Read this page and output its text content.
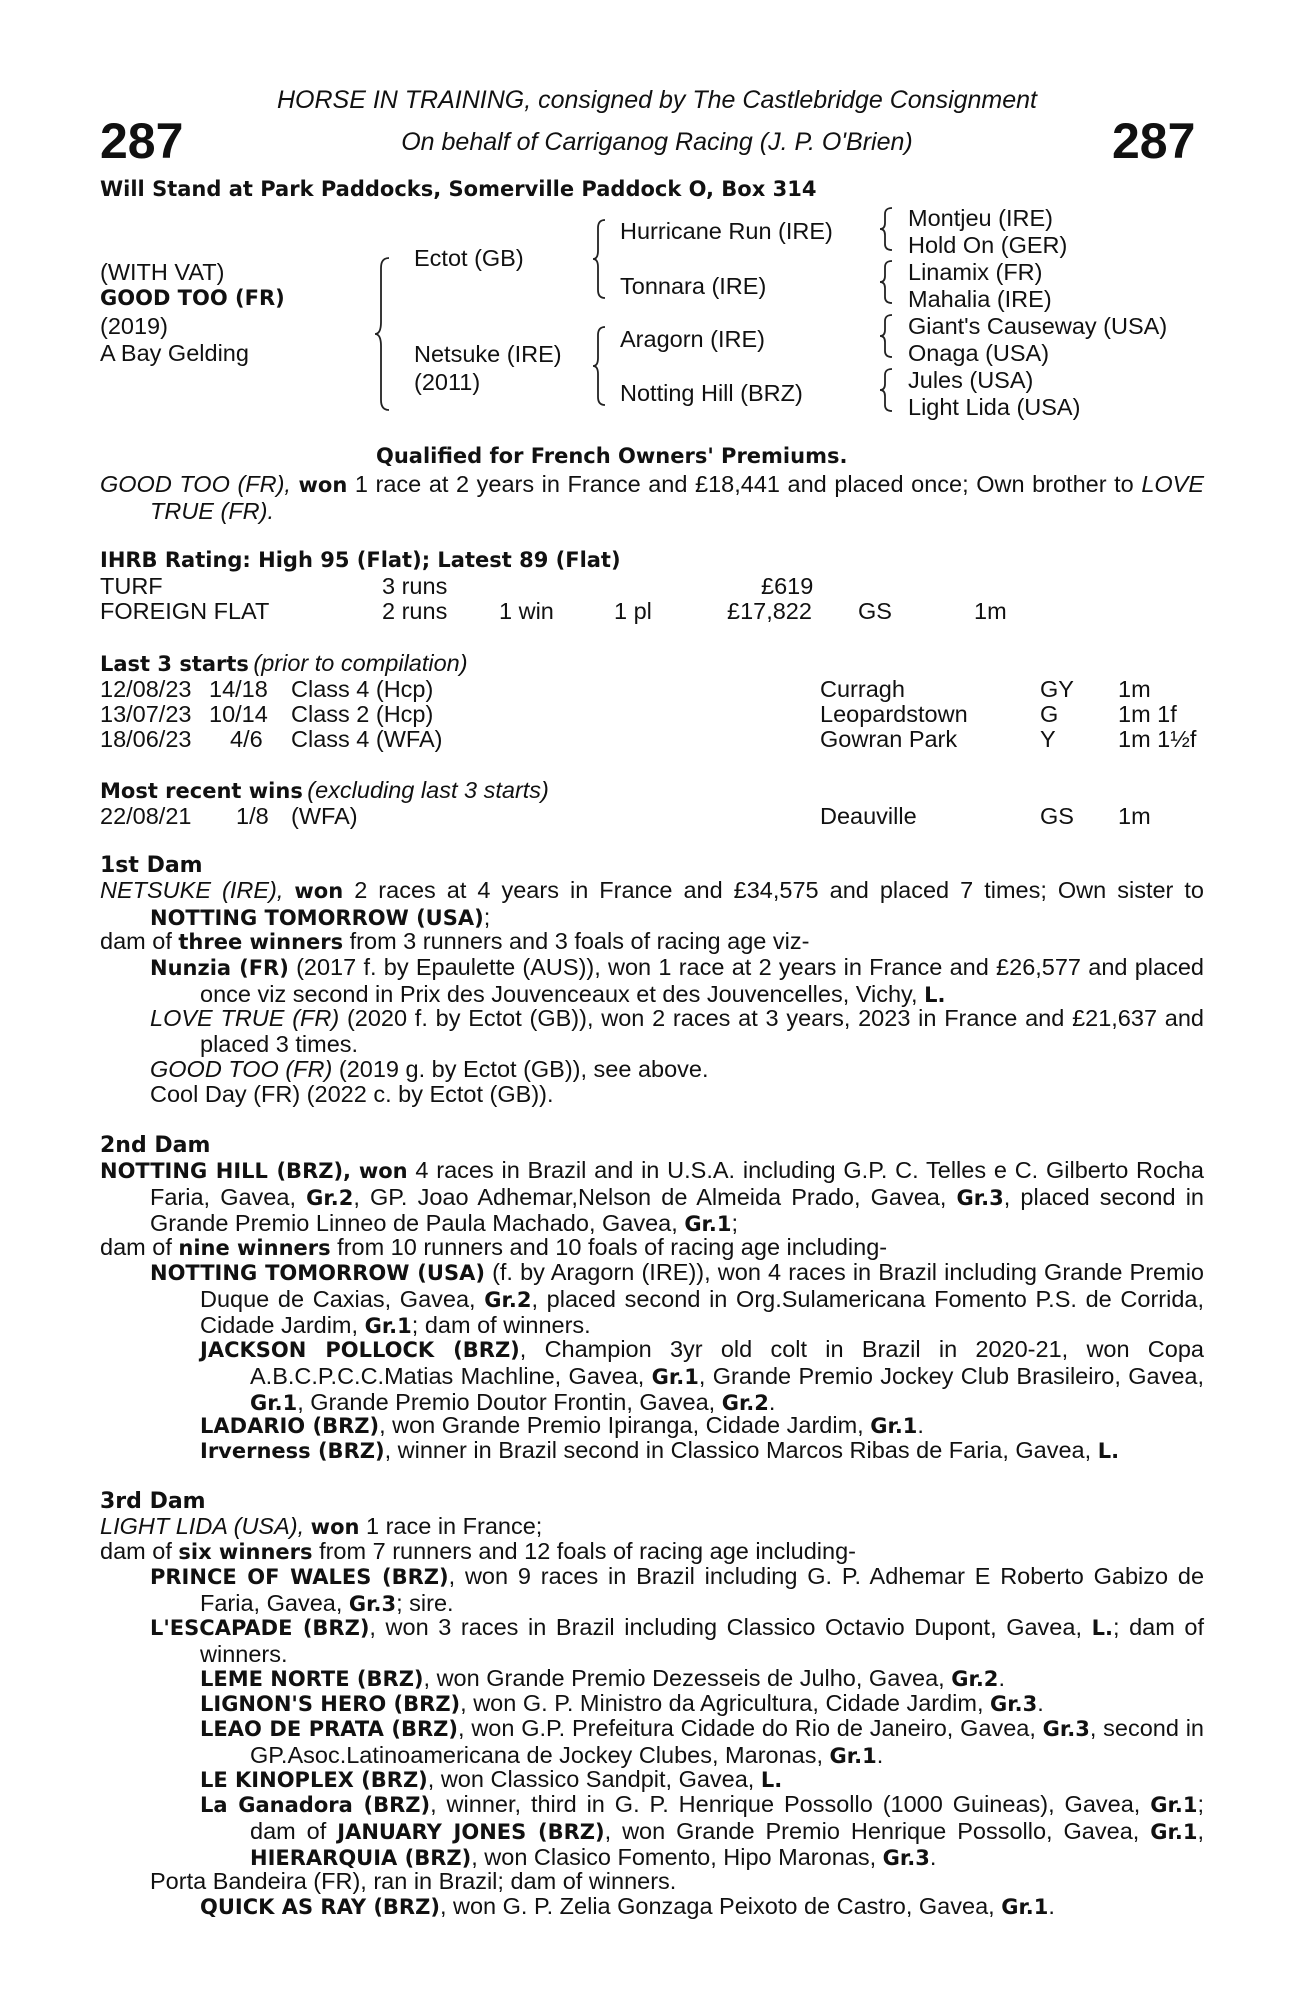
287	287
HORSE IN TRAINING, consigned by The Castlebridge Consignment
On behalf of Carriganog Racing (J. P. O'Brien)
Will Stand at Park Paddocks, Somerville Paddock O, Box 314
(WITH VAT)
GOOD TOO (FR)
(2019)
A Bay Gelding
Ectot (GB)
Netsuke (IRE)
(2011)
Hurricane Run (IRE)
Tonnara (IRE)
Aragorn (IRE)
Notting Hill (BRZ)
Montjeu (IRE)
Hold On (GER)
Linamix (FR)
Mahalia (IRE)
Giant's Causeway (USA)
Onaga (USA)
Jules (USA)
Light Lida (USA)
Qualified for French Owners' Premiums.
GOOD TOO (FR), won 1 race at 2 years in France and £18,441 and placed once; Own brother to LOVE TRUE (FR).
IHRB Rating: High 95 (Flat); Latest 89 (Flat)
TURF	3 runs	£619
FOREIGN FLAT	2 runs 1 win	1 pl	£17,822 GS	1m
Last 3 starts (prior to compilation)
12/08/23 14/18 Class 4 (Hcp)	Curragh	GY 1m
13/07/23 10/14 Class 2 (Hcp)	Leopardstown	G	1m 1f
18/06/23 4/6 Class 4 (WFA)	Gowran Park	Y	1m 1½f
Most recent wins (excluding last 3 starts)
22/08/21 1/8 (WFA)	Deauville	GS 1m
1st Dam
NETSUKE (IRE), won 2 races at 4 years in France and £34,575 and placed 7 times; Own sister to NOTTING TOMORROW (USA);
dam of three winners from 3 runners and 3 foals of racing age viz-
Nunzia (FR) (2017 f. by Epaulette (AUS)), won 1 race at 2 years in France and £26,577 and placed once viz second in Prix des Jouvenceaux et des Jouvencelles, Vichy, L.
LOVE TRUE (FR) (2020 f. by Ectot (GB)), won 2 races at 3 years, 2023 in France and £21,637 and placed 3 times.
GOOD TOO (FR) (2019 g. by Ectot (GB)), see above.
Cool Day (FR) (2022 c. by Ectot (GB)).
2nd Dam
NOTTING HILL (BRZ), won 4 races in Brazil and in U.S.A. including G.P. C. Telles e C. Gilberto Rocha Faria, Gavea, Gr.2, GP. Joao Adhemar,Nelson de Almeida Prado, Gavea, Gr.3, placed second in Grande Premio Linneo de Paula Machado, Gavea, Gr.1;
dam of nine winners from 10 runners and 10 foals of racing age including-
NOTTING TOMORROW (USA) (f. by Aragorn (IRE)), won 4 races in Brazil including Grande Premio Duque de Caxias, Gavea, Gr.2, placed second in Org.Sulamericana Fomento P.S. de Corrida, Cidade Jardim, Gr.1; dam of winners.
JACKSON POLLOCK (BRZ), Champion 3yr old colt in Brazil in 2020-21, won Copa A.B.C.P.C.C.Matias Machline, Gavea, Gr.1, Grande Premio Jockey Club Brasileiro, Gavea, Gr.1, Grande Premio Doutor Frontin, Gavea, Gr.2.
LADARIO (BRZ), won Grande Premio Ipiranga, Cidade Jardim, Gr.1.
Irverness (BRZ), winner in Brazil second in Classico Marcos Ribas de Faria, Gavea, L.
3rd Dam
LIGHT LIDA (USA), won 1 race in France;
dam of six winners from 7 runners and 12 foals of racing age including-
PRINCE OF WALES (BRZ), won 9 races in Brazil including G. P. Adhemar E Roberto Gabizo de Faria, Gavea, Gr.3; sire.
L'ESCAPADE (BRZ), won 3 races in Brazil including Classico Octavio Dupont, Gavea, L.; dam of winners.
LEME NORTE (BRZ), won Grande Premio Dezesseis de Julho, Gavea, Gr.2.
LIGNON'S HERO (BRZ), won G. P. Ministro da Agricultura, Cidade Jardim, Gr.3.
LEAO DE PRATA (BRZ), won G.P. Prefeitura Cidade do Rio de Janeiro, Gavea, Gr.3, second in GP.Asoc.Latinoamericana de Jockey Clubes, Maronas, Gr.1.
LE KINOPLEX (BRZ), won Classico Sandpit, Gavea, L.
La Ganadora (BRZ), winner, third in G. P. Henrique Possollo (1000 Guineas), Gavea, Gr.1; dam of JANUARY JONES (BRZ), won Grande Premio Henrique Possollo, Gavea, Gr.1, HIERARQUIA (BRZ), won Clasico Fomento, Hipo Maronas, Gr.3.
Porta Bandeira (FR), ran in Brazil; dam of winners.
QUICK AS RAY (BRZ), won G. P. Zelia Gonzaga Peixoto de Castro, Gavea, Gr.1.
